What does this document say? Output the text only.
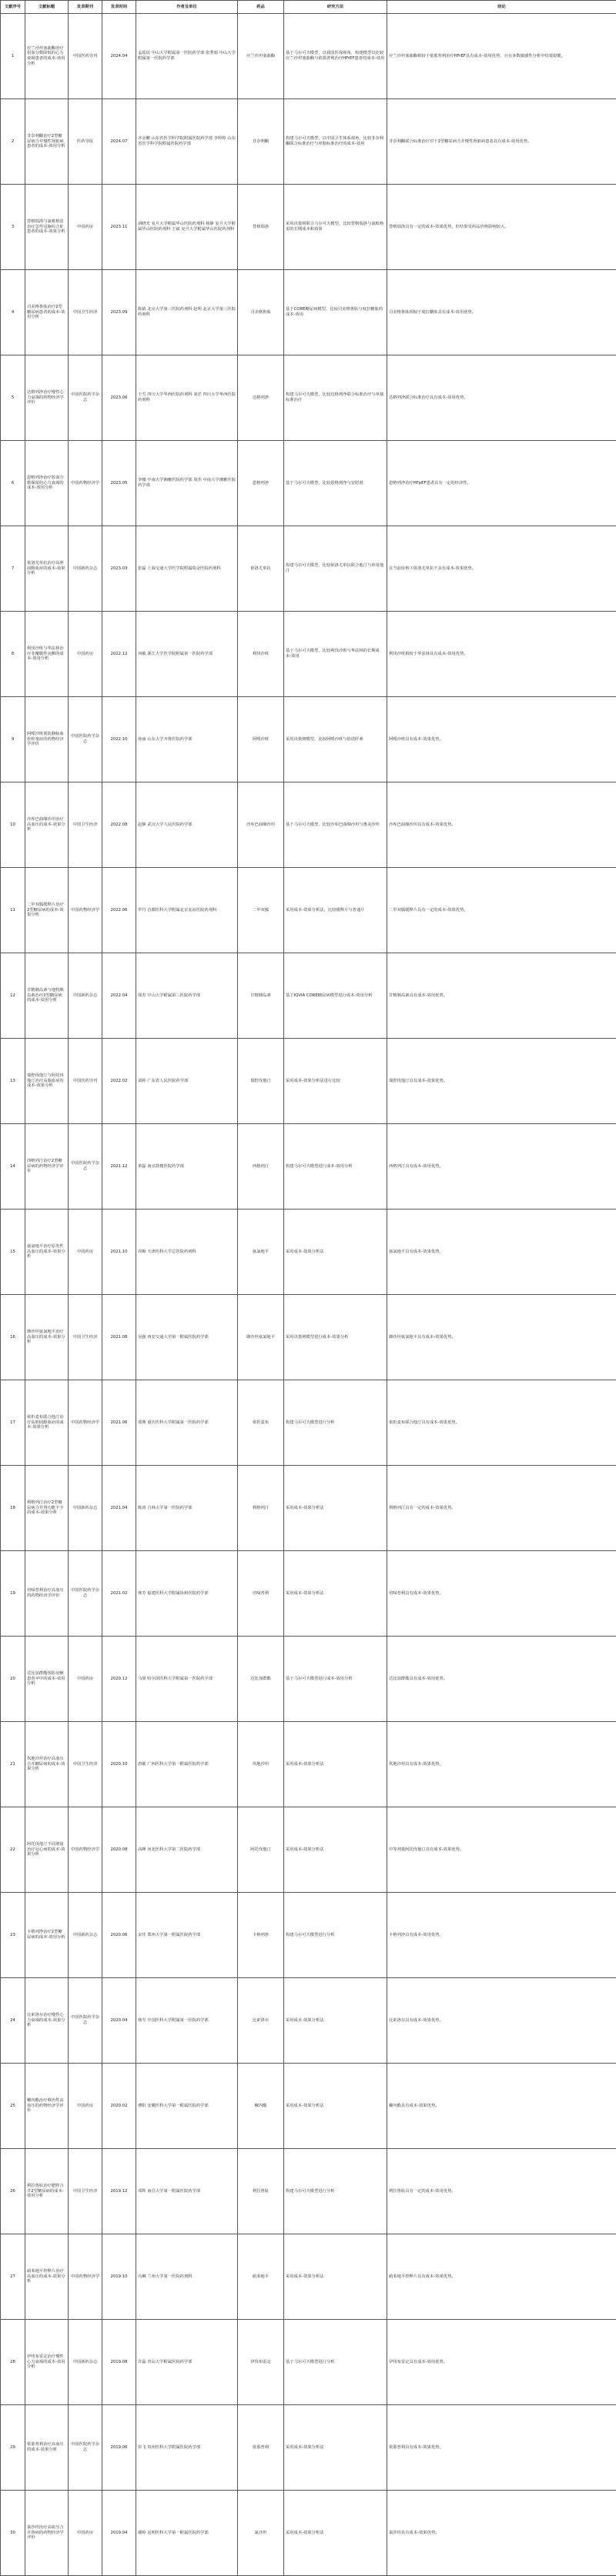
文献序号	文献标题	发表期刊	发表时间	作者及单位	药品	研究方法	结论
1	应兰沙坦塞曲酶治疗射血分数降低的心力衰竭患者的成本-效用分析	中国医药导刊	2024.04	孟瑶瑶 中山大学附属第一医院药学部 张秀娟 中山大学附属第一医院药学部	应兰沙坦塞曲酶	基于马尔可夫模型，以我国医保视角，构建模型以比较应兰沙坦塞曲酶与依那普利治疗HFrEF患者的成本-效用	应兰沙坦塞曲酶相较于依那普利治疗HFrEF具有成本-效用优势，且在多数敏感性分析中结果稳健。
2	非奈利酮治疗2型糖尿病合并慢性肾脏病患者的成本-效用分析	医药导报	2024.07	齐金鹏 山东省医学科学院附属医院药学部 李婷婷 山东省医学科学院附属医院药学部	非奈利酮	构建马尔可夫模型，以中国卫生体系视角，比较非奈利酮联合标准治疗与单独标准治疗的成本-效用	非奈利酮联合标准治疗对于2型糖尿病合并慢性肾脏病患者具有成本-效用优势。
3	替格瑞洛与氯吡格雷治疗急性冠脉综合征患者的成本-效果分析	中国药房	2023.11	胡晓光 复旦大学附属华山医院药剂科 杨静 复旦大学附属华山医院药剂科 王斌 复旦大学附属华山医院药剂科	替格瑞洛	采用决策树联合马尔可夫模型，比较替格瑞洛与氯吡格雷的长期成本和效果	替格瑞洛具有一定的成本-效果优势，但结果受药品价格影响较大。
4	司美格鲁肽治疗2型糖尿病患者的成本-效用分析	中国卫生经济	2023.09	陈婧 北京大学第三医院药剂科 赵明 北京大学第三医院药剂科	司美格鲁肽	基于CORE糖尿病模型，比较司美格鲁肽与度拉糖肽的成本-效用	司美格鲁肽相较于度拉糖肽具有成本-效用优势。
5	达格列净治疗慢性心力衰竭的药物经济学评价	中国医院药学杂志	2023.06	王雪 四川大学华西医院药剂科 刘洋 四川大学华西医院药剂科	达格列净	构建马尔可夫模型，比较达格列净联合标准治疗与单独标准治疗	达格列净联合标准治疗具有成本-效用优势。
6	恩格列净治疗射血分数保留的心力衰竭的成本-效用分析	中国药物经济学	2023.05	李娜 中南大学湘雅医院药学部 周杰 中南大学湘雅医院药学部	恩格列净	基于马尔可夫模型，比较恩格列净与安慰剂	恩格列净治疗HFpEF患者具有一定的经济性。
7	依洛尤单抗治疗高胆固醇血症的成本-效果分析	中国新药杂志	2023.03	张磊 上海交通大学医学院附属瑞金医院药剂科	依洛尤单抗	构建马尔可夫模型，比较依洛尤单抗联合他汀与单用他汀	在当前价格下依洛尤单抗不具有成本-效果优势。
8	利伐沙班与华法林治疗非瓣膜性房颤的成本-效用分析	中国药房	2022.12	何敏 浙江大学医学院附属第一医院药学部	利伐沙班	基于马尔可夫模型，比较利伐沙班与华法林的长期成本-效用	利伐沙班相较于华法林具有成本-效用优势。
9	阿哌沙班预防静脉血栓栓塞症的药物经济学评价	中国医院药学杂志	2022.10	孙丽 山东大学齐鲁医院药学部	阿哌沙班	采用决策树模型，比较阿哌沙班与依诺肝素	阿哌沙班具有成本-效果优势。
10	沙库巴曲缬沙坦治疗高血压的成本-效果分析	中国卫生经济	2022.08	赵静 武汉大学人民医院药学部	沙库巴曲缬沙坦	基于马尔可夫模型，比较沙库巴曲缬沙坦与奥美沙坦	沙库巴曲缬沙坦具有成本-效果优势。
11	二甲双胍缓释片治疗2型糖尿病的成本-效果分析	中国药物经济学	2022.06	罗丹 首都医科大学附属北京友谊医院药剂科	二甲双胍	采用成本-效果分析法，比较缓释片与普通片	二甲双胍缓释片具有一定的成本-效果优势。
12	甘精胰岛素与地特胰岛素治疗2型糖尿病的成本-效用分析	中国新药杂志	2022.04	徐杰 中山大学附属第三医院药学部	甘精胰岛素	基于IQVIA CORE糖尿病模型进行成本-效用分析	甘精胰岛素具有成本-效用优势。
13	瑞舒伐他汀与阿托伐他汀治疗高脂血症的成本-效果分析	中国医药导刊	2022.02	刘婷 广东省人民医院药学部	瑞舒伐他汀	采用成本-效果分析法进行比较	瑞舒伐他汀具有成本-效果优势。
14	西格列汀治疗2型糖尿病的药物经济学评价	中国医院药学杂志	2021.12	黄磊 南京鼓楼医院药学部	西格列汀	构建马尔可夫模型进行成本-效用分析	西格列汀具有成本-效用优势。
15	氨氯地平治疗原发性高血压的成本-效果分析	中国药房	2021.10	周梅 天津医科大学总医院药剂科	氨氯地平	采用成本-效果分析法	氨氯地平具有成本-效果优势。
16	缬沙坦氨氯地平治疗高血压的成本-效果分析	中国卫生经济	2021.08	吴强 西安交通大学第一附属医院药学部	缬沙坦氨氯地平	采用决策树模型进行成本-效果分析	缬沙坦氨氯地平具有成本-效果优势。
17	依折麦布联合他汀治疗高胆固醇血症的成本-效果分析	中国药物经济学	2021.06	郑燕 重庆医科大学附属第一医院药学部	依折麦布	构建马尔可夫模型进行分析	依折麦布联合他汀具有成本-效果优势。
18	利格列汀治疗2型糖尿病合并肾功能不全的成本-效果分析	中国新药杂志	2021.04	陈涛 吉林大学第一医院药学部	利格列汀	采用成本-效果分析法	利格列汀具有一定的成本-效果优势。
19	培哚普利治疗高血压的药物经济学评价	中国医院药学杂志	2021.02	林芳 福建医科大学附属协和医院药学部	培哚普利	采用成本-效果分析法	培哚普利具有成本-效果优势。
20	达比加群酯预防房颤患者卒中的成本-效用分析	中国药房	2020.12	马骏 哈尔滨医科大学附属第一医院药学部	达比加群酯	基于马尔可夫模型进行成本-效用分析	达比加群酯具有成本-效用优势。
21	坎地沙坦治疗高血压合并糖尿病的成本-效果分析	中国卫生经济	2020.10	唐敏 广西医科大学第一附属医院药学部	坎地沙坦	采用成本-效果分析法	坎地沙坦具有成本-效果优势。
22	阿托伐他汀不同剂量治疗冠心病的成本-效果分析	中国药物经济学	2020.08	高峰 河北医科大学第二医院药学部	阿托伐他汀	采用成本-效果分析法	中等剂量阿托伐他汀具有成本-效果优势。
23	卡格列净治疗2型糖尿病的成本-效用分析	中国新药杂志	2020.06	宋佳 郑州大学第一附属医院药学部	卡格列净	构建马尔可夫模型进行分析	卡格列净具有成本-效用优势。
24	比索洛尔治疗慢性心力衰竭的成本-效果分析	中国医院药学杂志	2020.04	韩雪 中国医科大学附属第一医院药学部	比索洛尔	采用成本-效果分析法	比索洛尔具有成本-效果优势。
25	螺内酯治疗难治性高血压的药物经济学评价	中国药房	2020.02	曹阳 安徽医科大学第一附属医院药学部	螺内酯	采用成本-效果分析法	螺内酯具有成本-效果优势。
26	利拉鲁肽治疗肥胖合并2型糖尿病的成本-效用分析	中国卫生经济	2019.12	邓辉 南昌大学第一附属医院药学部	利拉鲁肽	构建马尔可夫模型进行分析	利拉鲁肽具有一定的成本-效用优势。
27	硝苯地平控释片治疗高血压的成本-效果分析	中国药物经济学	2019.10	冯琳 兰州大学第一医院药剂科	硝苯地平	采用成本-效果分析法	硝苯地平控释片具有成本-效果优势。
28	伊伐布雷定治疗慢性心力衰竭的成本-效用分析	中国新药杂志	2019.08	许磊 青岛大学附属医院药学部	伊伐布雷定	基于马尔可夫模型进行分析	伊伐布雷定具有成本-效用优势。
29	依那普利治疗高血压的成本-效果分析	中国医院药学杂志	2019.06	彭飞 贵州医科大学附属医院药学部	依那普利	采用成本-效果分析法	依那普利具有成本-效果优势。
30	氯沙坦治疗高血压合并肾病的药物经济学评价	中国药房	2019.04	谢婷 昆明医科大学第一附属医院药学部	氯沙坦	采用成本-效果分析法	氯沙坦具有成本-效果优势。
